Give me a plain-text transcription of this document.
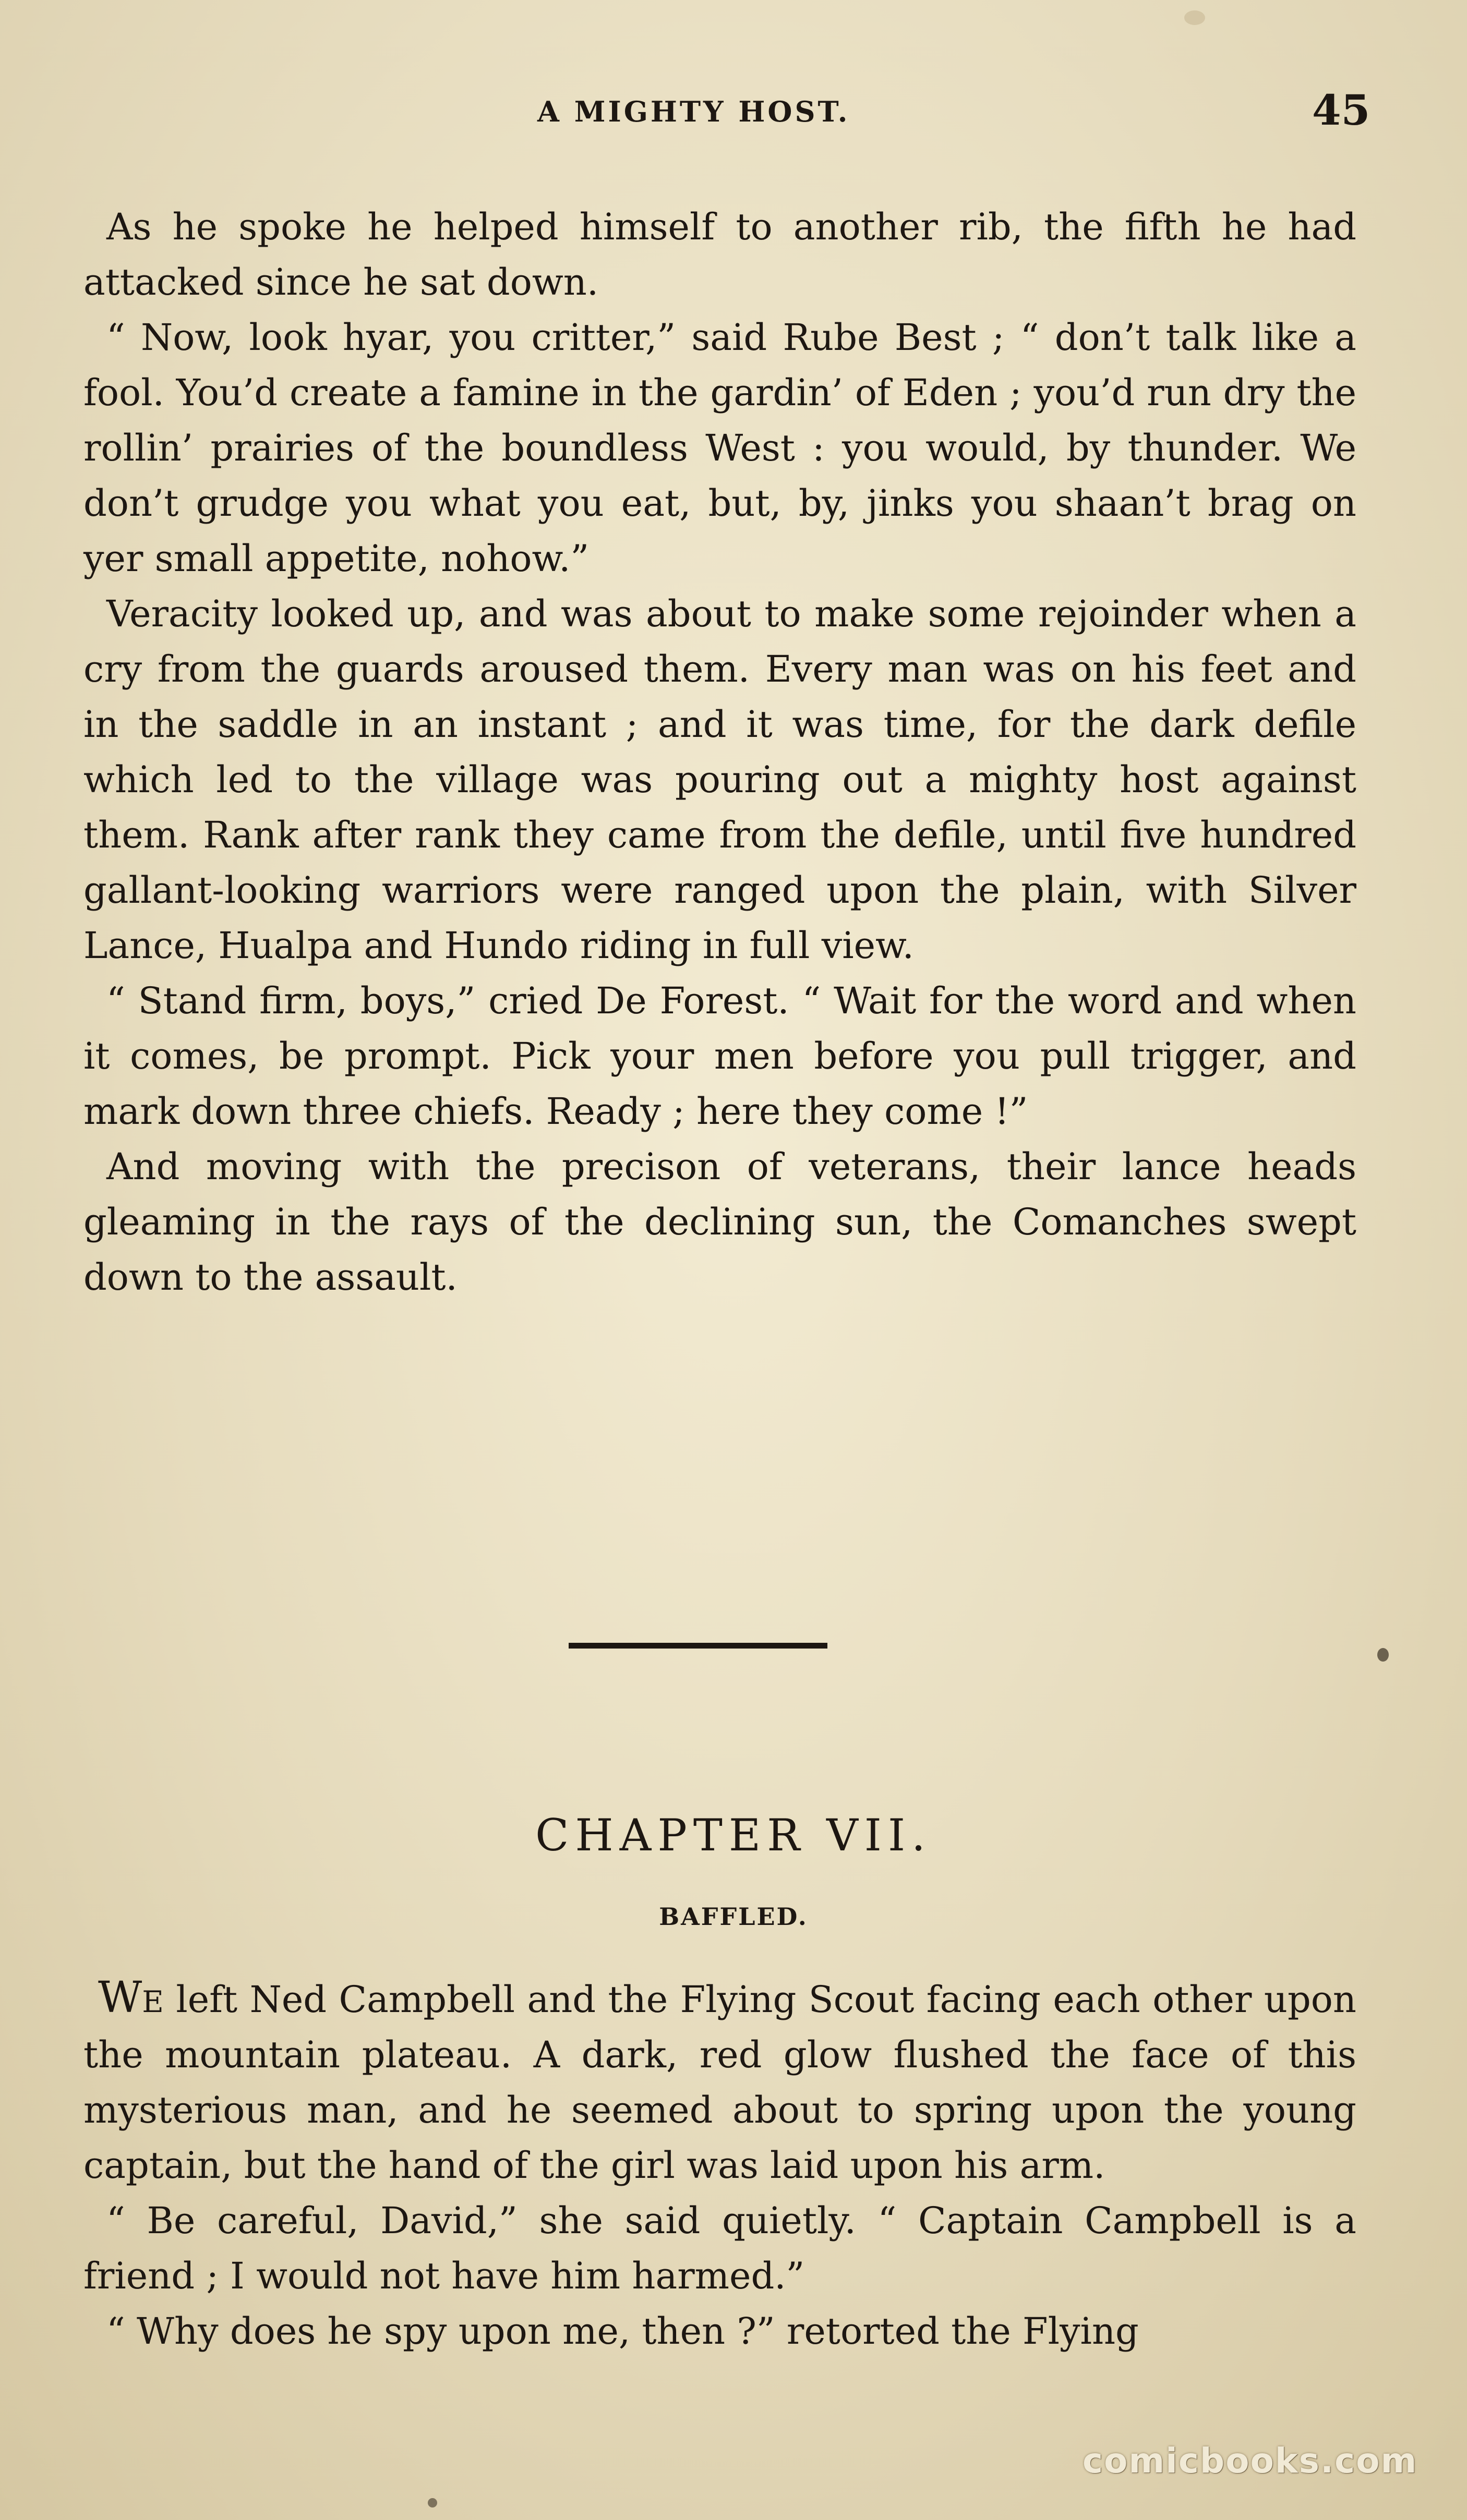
A MIGHTY HOST.	45

As he spoke he helped himself to another rib, the fifth he had attacked since he sat down.

“ Now, look hyar, you critter,” said Rube Best ; “ don’t talk like a fool. You’d create a famine in the gardin’ of Eden ; you’d run dry the rollin’ prairies of the boundless West : you would, by thunder. We don’t grudge you what you eat, but, by, jinks you shaan’t brag on yer small appetite, nohow.”

Veracity looked up, and was about to make some rejoinder when a cry from the guards aroused them. Every man was on his feet and in the saddle in an instant ; and it was time, for the dark defile which led to the village was pouring out a mighty host against them. Rank after rank they came from the defile, until five hundred gallant-looking warriors were ranged upon the plain, with Silver Lance, Hualpa and Hundo riding in full view.

“ Stand firm, boys,” cried De Forest. “ Wait for the word and when it comes, be prompt. Pick your men before you pull trigger, and mark down three chiefs. Ready ; here they come !”

And moving with the precison of veterans, their lance heads gleaming in the rays of the declining sun, the Comanches swept down to the assault.

CHAPTER VII.
BAFFLED.

We left Ned Campbell and the Flying Scout facing each other upon the mountain plateau. A dark, red glow flushed the face of this mysterious man, and he seemed about to spring upon the young captain, but the hand of the girl was laid upon his arm.

“ Be careful, David,” she said quietly. “ Captain Campbell is a friend ; I would not have him harmed.”

“ Why does he spy upon me, then ?” retorted the Flying

comicbooks.com
